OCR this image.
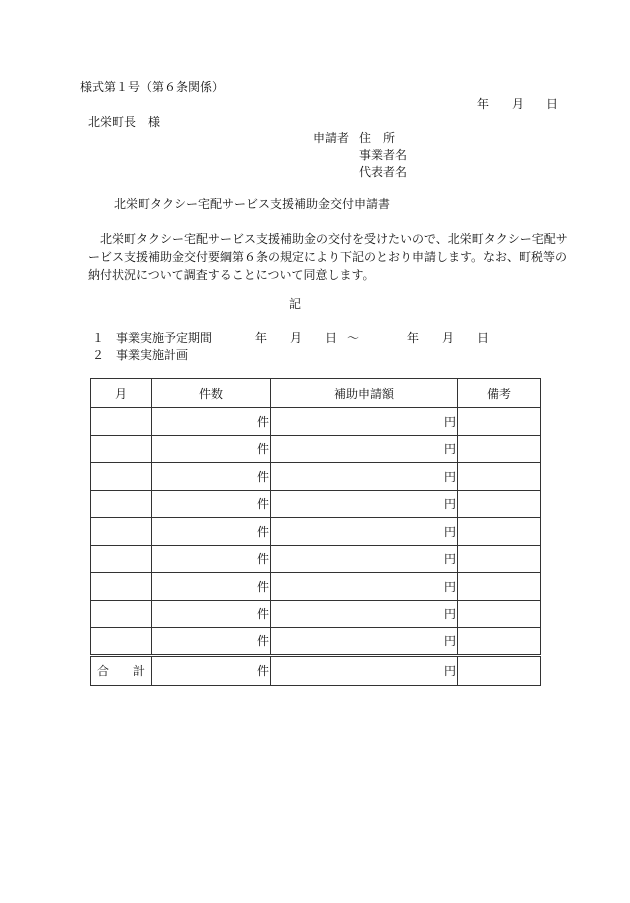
様式第１号（第６条関係）
年 月 日
北栄町長　様
申請者 住　所
事業者名
代表者名
北栄町タクシー宅配サービス支援補助金交付申請書
　北栄町タクシー宅配サービス支援補助金の交付を受けたいので、北栄町タクシー宅配サ
ービス支援補助金交付要綱第６条の規定により下記のとおり申請します。なお、町税等の
納付状況について調査することについて同意します。
記
１　事業実施予定期間	年 月 日 ～	年 月 日
２　事業実施計画
月	件数	補助申請額	備考
	件	円	
	件	円	
	件	円	
	件	円	
	件	円	
	件	円	
	件	円	
	件	円	
	件	円	
合　　計	件	円	
